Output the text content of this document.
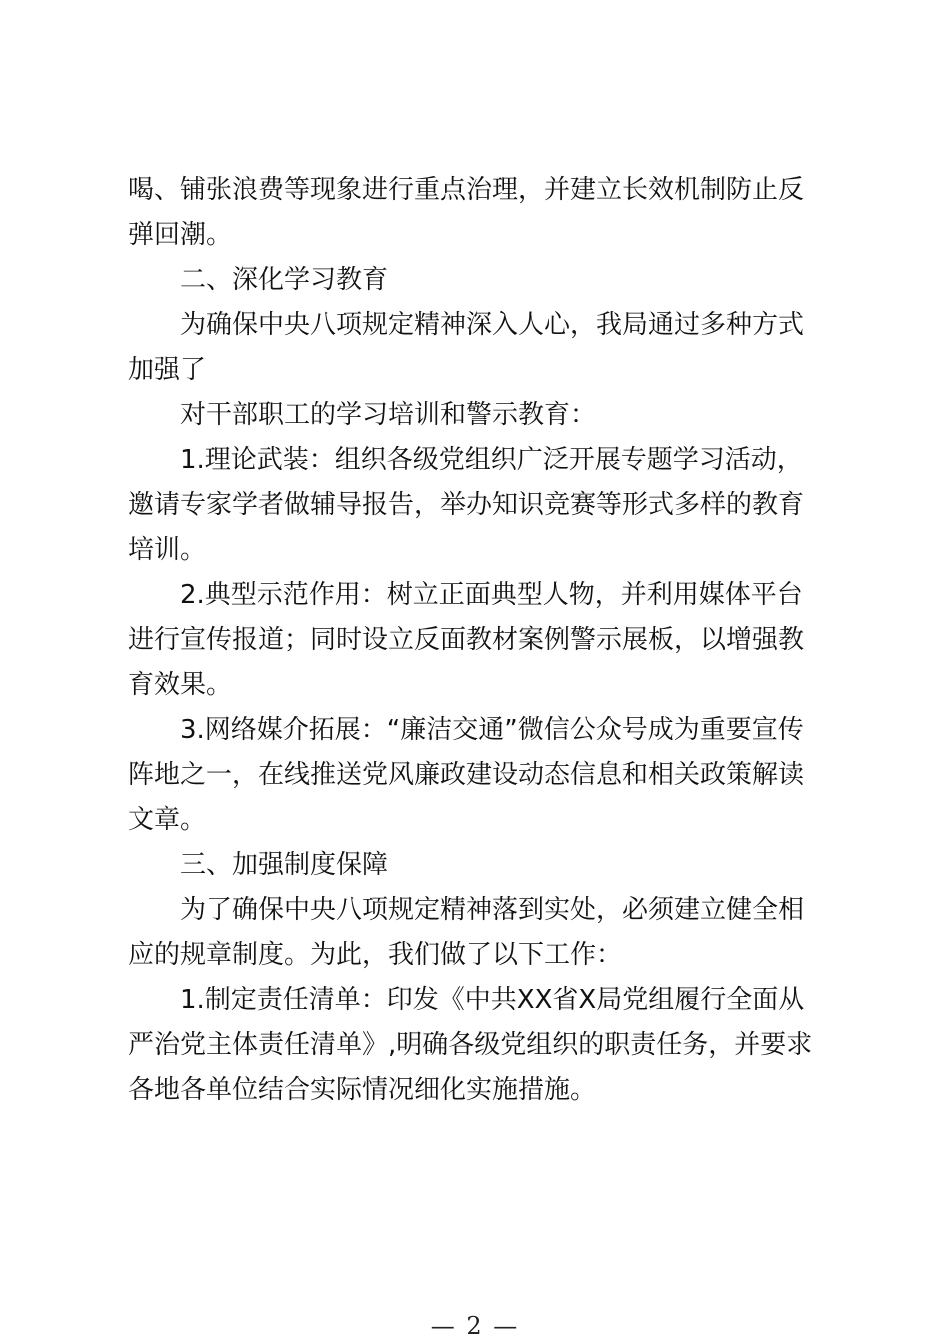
喝、铺张浪费等现象进行重点治理，并建立长效机制防止反弹回潮。

二、深化学习教育

为确保中央八项规定精神深入人心，我局通过多种方式加强了

对干部职工的学习培训和警示教育：

1.理论武装：组织各级党组织广泛开展专题学习活动，邀请专家学者做辅导报告，举办知识竞赛等形式多样的教育培训。

2.典型示范作用：树立正面典型人物，并利用媒体平台进行宣传报道；同时设立反面教材案例警示展板，以增强教育效果。

3.网络媒介拓展：“廉洁交通”微信公众号成为重要宣传阵地之一，在线推送党风廉政建设动态信息和相关政策解读文章。

三、加强制度保障

为了确保中央八项规定精神落到实处，必须建立健全相应的规章制度。为此，我们做了以下工作：

1.制定责任清单：印发《中共XX省X局党组履行全面从严治党主体责任清单》,明确各级党组织的职责任务，并要求各地各单位结合实际情况细化实施措施。

— 2 —
